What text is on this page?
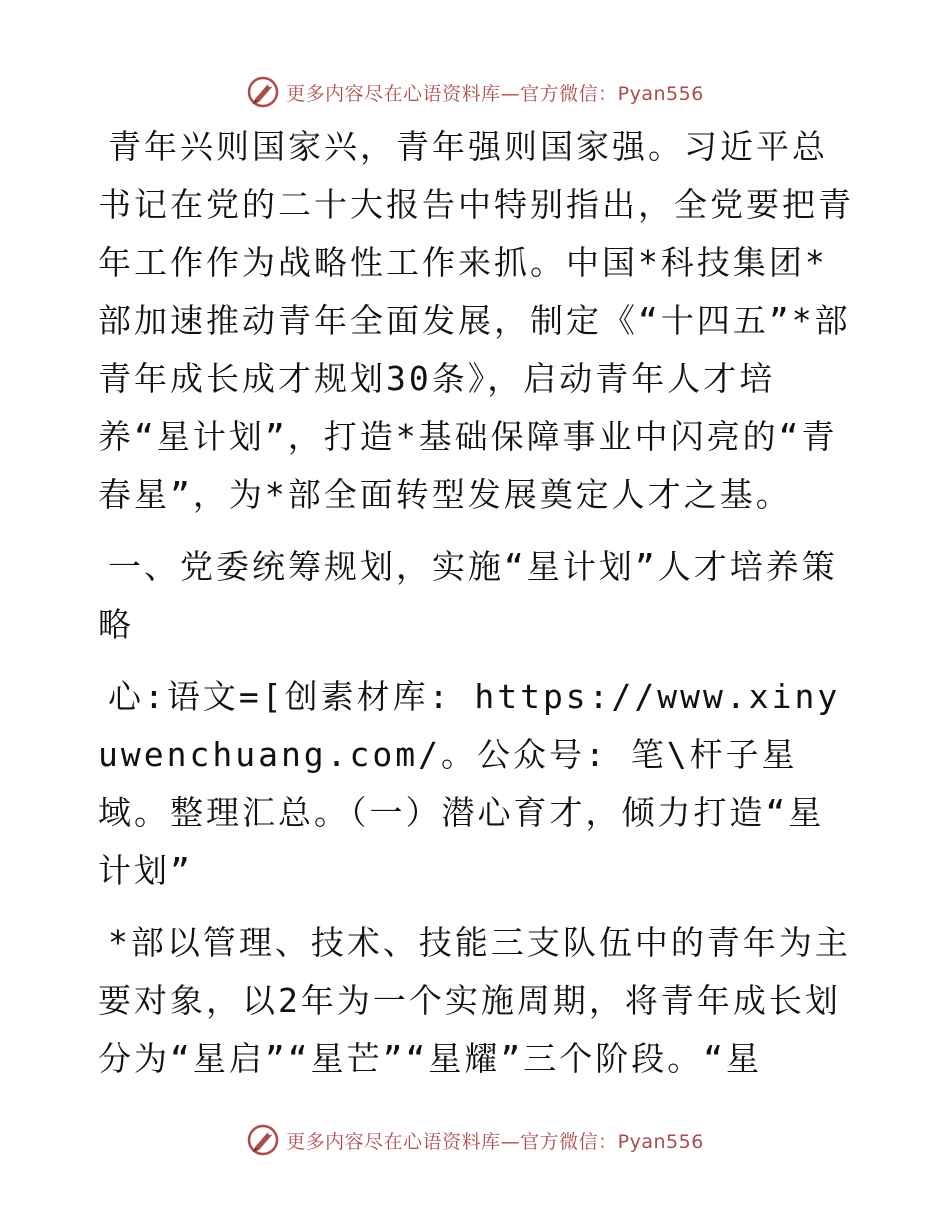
更多内容尽在心语资料库—官方微信：Pyan556

青年兴则国家兴，青年强则国家强。习近平总书记在党的二十大报告中特别指出，全党要把青年工作作为战略性工作来抓。中国*科技集团*部加速推动青年全面发展，制定《“十四五”*部青年成长成才规划30条》，启动青年人才培养“星计划”，打造*基础保障事业中闪亮的“青春星”，为*部全面转型发展奠定人才之基。

一、党委统筹规划，实施“星计划”人才培养策略

心:语文=[创素材库: https://www.xinyuwenchuang.com/。公众号: 笔\杆子星域。整理汇总。（一）潜心育才，倾力打造“星计划”

*部以管理、技术、技能三支队伍中的青年为主要对象，以2年为一个实施周期，将青年成长划分为“星启”“星芒”“星耀”三个阶段。“星

更多内容尽在心语资料库—官方微信：Pyan556
